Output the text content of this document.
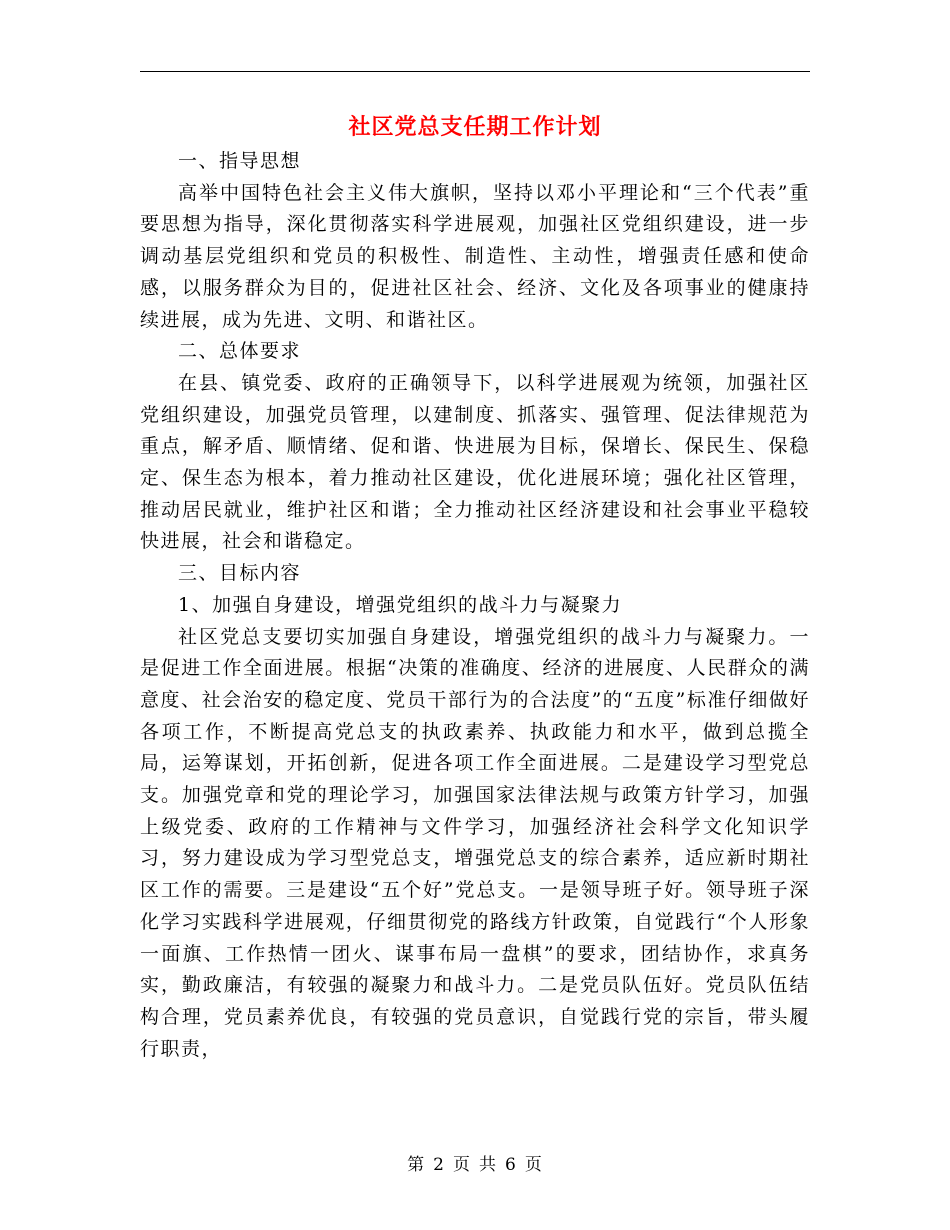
社区党总支任期工作计划

一、指导思想

高举中国特色社会主义伟大旗帜，坚持以邓小平理论和“三个代表”重要思想为指导，深化贯彻落实科学进展观，加强社区党组织建设，进一步调动基层党组织和党员的积极性、制造性、主动性，增强责任感和使命感，以服务群众为目的，促进社区社会、经济、文化及各项事业的健康持续进展，成为先进、文明、和谐社区。

二、总体要求

在县、镇党委、政府的正确领导下，以科学进展观为统领，加强社区党组织建设，加强党员管理，以建制度、抓落实、强管理、促法律规范为重点，解矛盾、顺情绪、促和谐、快进展为目标，保增长、保民生、保稳定、保生态为根本，着力推动社区建设，优化进展环境；强化社区管理，推动居民就业，维护社区和谐；全力推动社区经济建设和社会事业平稳较快进展，社会和谐稳定。

三、目标内容

1、加强自身建设，增强党组织的战斗力与凝聚力

社区党总支要切实加强自身建设，增强党组织的战斗力与凝聚力。一是促进工作全面进展。根据“决策的准确度、经济的进展度、人民群众的满意度、社会治安的稳定度、党员干部行为的合法度”的“五度”标准仔细做好各项工作，不断提高党总支的执政素养、执政能力和水平，做到总揽全局，运筹谋划，开拓创新，促进各项工作全面进展。二是建设学习型党总支。加强党章和党的理论学习，加强国家法律法规与政策方针学习，加强上级党委、政府的工作精神与文件学习，加强经济社会科学文化知识学习，努力建设成为学习型党总支，增强党总支的综合素养，适应新时期社区工作的需要。三是建设“五个好”党总支。一是领导班子好。领导班子深化学习实践科学进展观，仔细贯彻党的路线方针政策，自觉践行“个人形象一面旗、工作热情一团火、谋事布局一盘棋”的要求，团结协作，求真务实，勤政廉洁，有较强的凝聚力和战斗力。二是党员队伍好。党员队伍结构合理，党员素养优良，有较强的党员意识，自觉践行党的宗旨，带头履行职责，

第 2 页 共 6 页
